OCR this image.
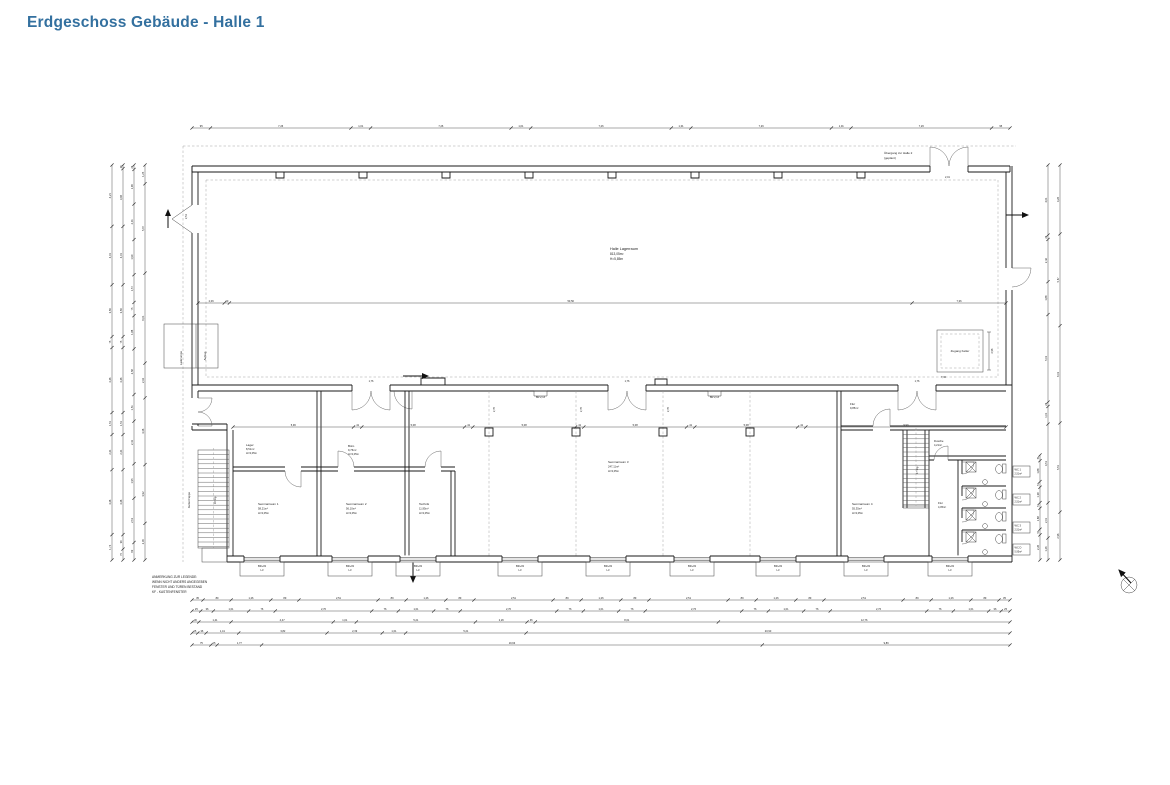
Erdgeschoss Gebäude - Halle 1
Laderampe	Aufzug
Zugang Keller	2,96
7,36
Halle Lagerraum
813,05m²
H=5,85m
Übergang zur Halle 2
(geplant)
2,01
2,51
2,76	2,76	2,76
BR 2,13	BR 2,13
Außentreppe	16 Stg.
17 Stg.	WC 1
2,51m²
WC 2
2,51m²
WC 3
2,51m²
WC D
5,95m²
Lager
8,51m²
H=3,05m
Büro
9,76m²
H=3,05m
Seminarraum 1
58,21m²
H=3,05m
Seminarraum 2
56,10m²
H=3,05m
Seminarraum 3
247,11m²
H=3,05m
Seminarraum 4
55,35m²
H=3,05m
Technik
11,95m²
H=3,05m
Flur
9,85m²
Dusche
4,21m²
Flur
4,05m²
1,76	1,76	1,76
BR+03
L3
BR+03
L3
BR+03
L3
BR+03
L3
BR+03
L3
BR+03
L3
BR+03
L3
BR+03
L3
BR+03
L3
95	7,26	1,01	7,26	1,01	7,26	1,01	7,26	1,01	7,26	95
2,06	40	53,50	7,36
5,96	41	5,08	41	5,08	41	5,08	41	5,08	41	9,90
35	89	1,26	89	2,51	89	1,26	89	2,51	89	1,26	89	2,51	89	1,26	89	2,51	89	1,26	89	35
25	36	1,01	76	2,76	76	1,01	76	2,76	76	1,01	76	2,76	76	1,01	76	2,76	76	1,01	36	25
30	1,41	4,47	1,01	5,21	2,26	36	8,01	12,76
25 36	1,41	3,82	2,39	1,01	5,21	20,93
75	25	1,77	19,93	9,86
4,21
4,01
3,56
75
4,46
1,51
2,41
4,46
1,74
25
3,96
4,01
3,56
75
4,46
1,51
2,41
4,46
99
75
25
1,96
2,01
1,99
1,57
75
1,88
2,58
1,51
2,41
1,95
2,51
99
1,25
5,97
6,01
2,32
4,46
3,92
2,45
4,01
25
2,42
1,88
5,01
25
1,01
4,51
2,01
1,26
4,26
5,67
6,01
5,51
2,96
51
1,88
51
1,38
51
1,88
51
2,26
ANMERKUNG ZUR LEGENDE:
WENN NICHT ANDERS ANGEGEBEN
FENSTER UND TÜREN BESTAND
KF - KASTENFENSTER
